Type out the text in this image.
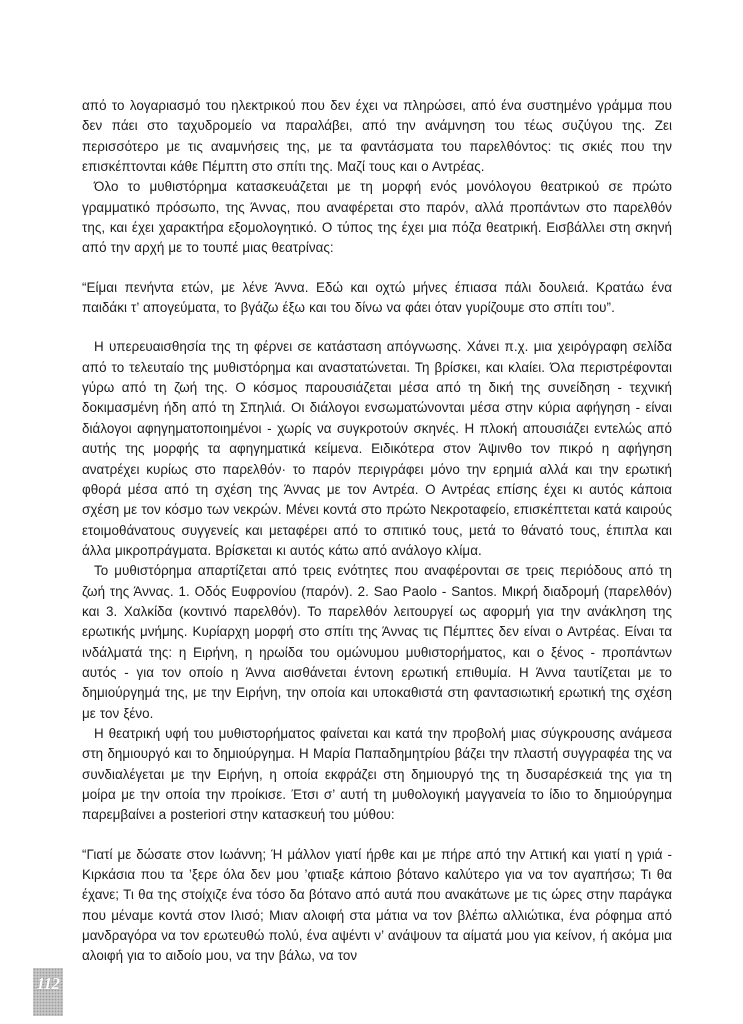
από το λογαριασμό του ηλεκτρικού που δεν έχει να πληρώσει, από ένα συστημένο γράμμα που δεν πάει στο ταχυδρομείο να παραλάβει, από την ανάμνηση του τέως συζύγου της. Ζει περισσότερο με τις αναμνήσεις της, με τα φαντάσματα του παρελθόντος: τις σκιές που την επισκέπτονται κάθε Πέμπτη στο σπίτι της. Μαζί τους και ο Αντρέας.

Όλο το μυθιστόρημα κατασκευάζεται με τη μορφή ενός μονόλογου θεατρικού σε πρώτο γραμματικό πρόσωπο, της Άννας, που αναφέρεται στο παρόν, αλλά προπάντων στο παρελθόν της, και έχει χαρακτήρα εξομολογητικό. Ο τύπος της έχει μια πόζα θεατρική. Εισβάλλει στη σκηνή από την αρχή με το τουπέ μιας θεατρίνας:

“Είμαι πενήντα ετών, με λένε Άννα. Εδώ και οχτώ μήνες έπιασα πάλι δουλειά. Κρατάω ένα παιδάκι τ’ απογεύματα, το βγάζω έξω και του δίνω να φάει όταν γυρίζουμε στο σπίτι του”.

Η υπερευαισθησία της τη φέρνει σε κατάσταση απόγνωσης. Χάνει π.χ. μια χειρόγραφη σελίδα από το τελευταίο της μυθιστόρημα και αναστατώνεται. Τη βρίσκει, και κλαίει. Όλα περιστρέφονται γύρω από τη ζωή της. Ο κόσμος παρουσιάζεται μέσα από τη δική της συνείδηση - τεχνική δοκιμασμένη ήδη από τη Σπηλιά. Οι διάλογοι ενσωματώνονται μέσα στην κύρια αφήγηση - είναι διάλογοι αφηγηματοποιημένοι - χωρίς να συγκροτούν σκηνές. Η πλοκή απουσιάζει εντελώς από αυτής της μορφής τα αφηγηματικά κείμενα. Ειδικότερα στον Άψινθο τον πικρό η αφήγηση ανατρέχει κυρίως στο παρελθόν· το παρόν περιγράφει μόνο την ερημιά αλλά και την ερωτική φθορά μέσα από τη σχέση της Άννας με τον Αντρέα. Ο Αντρέας επίσης έχει κι αυτός κάποια σχέση με τον κόσμο των νεκρών. Μένει κοντά στο πρώτο Νεκροταφείο, επισκέπτεται κατά καιρούς ετοιμοθάνατους συγγενείς και μεταφέρει από το σπιτικό τους, μετά το θάνατό τους, έπιπλα και άλλα μικροπράγματα. Βρίσκεται κι αυτός κάτω από ανάλογο κλίμα.

Το μυθιστόρημα απαρτίζεται από τρεις ενότητες που αναφέρονται σε τρεις περιόδους από τη ζωή της Άννας. 1. Οδός Ευφρονίου (παρόν). 2. Sao Paolo - Santos. Μικρή διαδρομή (παρελθόν) και 3. Χαλκίδα (κοντινό παρελθόν). Το παρελθόν λειτουργεί ως αφορμή για την ανάκληση της ερωτικής μνήμης. Κυρίαρχη μορφή στο σπίτι της Άννας τις Πέμπτες δεν είναι ο Αντρέας. Είναι τα ινδάλματά της: η Ειρήνη, η ηρωίδα του ομώνυμου μυθιστορήματος, και ο ξένος - προπάντων αυτός - για τον οποίο η Άννα αισθάνεται έντονη ερωτική επιθυμία. Η Άννα ταυτίζεται με το δημιούργημά της, με την Ειρήνη, την οποία και υποκαθιστά στη φαντασιωτική ερωτική της σχέση με τον ξένο.

Η θεατρική υφή του μυθιστορήματος φαίνεται και κατά την προβολή μιας σύγκρουσης ανάμεσα στη δημιουργό και το δημιούργημα. Η Μαρία Παπαδημητρίου βάζει την πλαστή συγγραφέα της να συνδιαλέγεται με την Ειρήνη, η οποία εκφράζει στη δημιουργό της τη δυσαρέσκειά της για τη μοίρα με την οποία την προίκισε. Έτσι σ’ αυτή τη μυθολογική μαγγανεία το ίδιο το δημιούργημα παρεμβαίνει a posteriori στην κατασκευή του μύθου:

“Γιατί με δώσατε στον Ιωάννη; Ή μάλλον γιατί ήρθε και με πήρε από την Αττική και γιατί η γριά - Κιρκάσια που τα ’ξερε όλα δεν μου ’φτιαξε κάποιο βότανο καλύτερο για να τον αγαπήσω; Τι θα έχανε; Τι θα της στοίχιζε ένα τόσο δα βότανο από αυτά που ανακάτωνε με τις ώρες στην παράγκα που μέναμε κοντά στον Ιλισό; Μιαν αλοιφή στα μάτια να τον βλέπω αλλιώτικα, ένα ρόφημα από μανδραγόρα να τον ερωτευθώ πολύ, ένα αψέντι ν’ ανάψουν τα αίματά μου για κείνον, ή ακόμα μια αλοιφή για το αιδοίο μου, να την βάλω, να τον

112
